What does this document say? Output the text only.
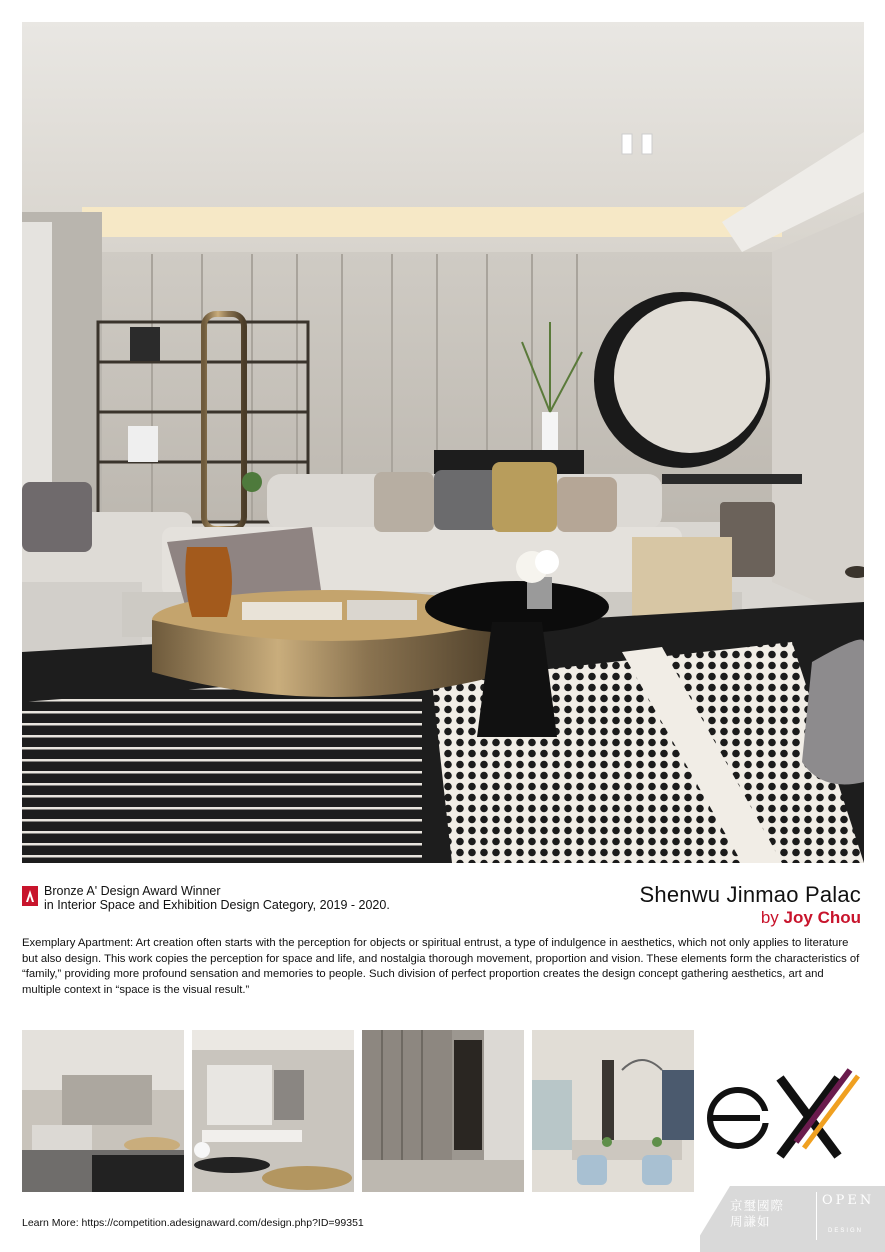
Bronze A' Design Award Winner
in Interior Space and Exhibition Design Category, 2019 - 2020.	Shenwu Jinmao Palac
by Joy Chou

Exemplary Apartment: Art creation often starts with the perception for objects or spiritual entrust, a type of indulgence in aesthetics, which not only applies to literature but also design. This work copies the perception for space and life, and nostalgia thorough movement, proportion and vision. These elements form the characteristics of “family,” providing more profound sensation and memories to people. Such division of perfect proportion creates the design concept gathering aesthetics, art and multiple context in “space is the visual result.”

Learn More: https://competition.adesignaward.com/design.php?ID=99351
京璽國際
周謙如
OPEN
DESIGN
